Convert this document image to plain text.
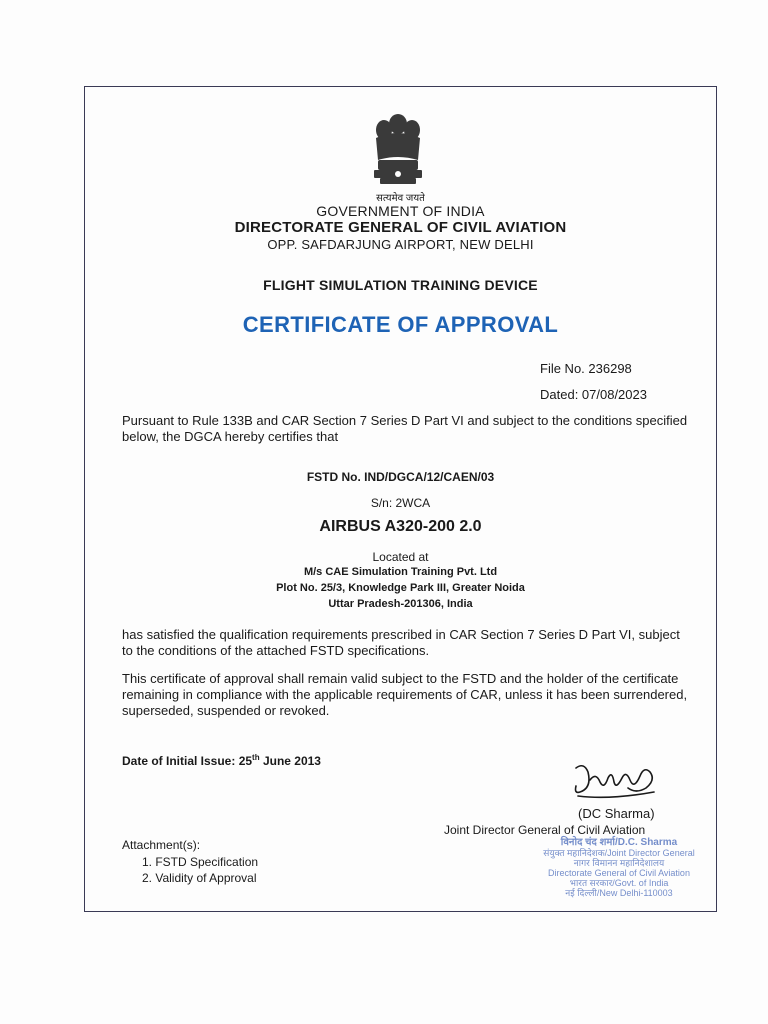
सत्यमेव जयते
GOVERNMENT OF INDIA
DIRECTORATE GENERAL OF CIVIL AVIATION
OPP. SAFDARJUNG AIRPORT, NEW DELHI
FLIGHT SIMULATION TRAINING DEVICE
CERTIFICATE OF APPROVAL
File No. 236298
Dated: 07/08/2023
Pursuant to Rule 133B and CAR Section 7 Series D Part VI and subject to the conditions specified below, the DGCA hereby certifies that
FSTD No. IND/DGCA/12/CAEN/03
S/n: 2WCA
AIRBUS A320-200 2.0
Located at
M/s CAE Simulation Training Pvt. Ltd
Plot No. 25/3, Knowledge Park III, Greater Noida
Uttar Pradesh-201306, India
has satisfied the qualification requirements prescribed in CAR Section 7 Series D Part VI, subject to the conditions of the attached FSTD specifications.
This certificate of approval shall remain valid subject to the FSTD and the holder of the certificate remaining in compliance with the applicable requirements of CAR, unless it has been surrendered, superseded, suspended or revoked.
Date of Initial Issue: 25th June 2013
(DC Sharma)
Joint Director General of Civil Aviation
Attachment(s):
1. FSTD Specification
2. Validity of Approval
विनोद चंद शर्मा/D.C. Sharma
संयुक्त महानिदेशक/Joint Director General
नागर विमानन महानिदेशालय
Directorate General of Civil Aviation
भारत सरकार/Govt. of India
नई दिल्ली/New Delhi-110003
